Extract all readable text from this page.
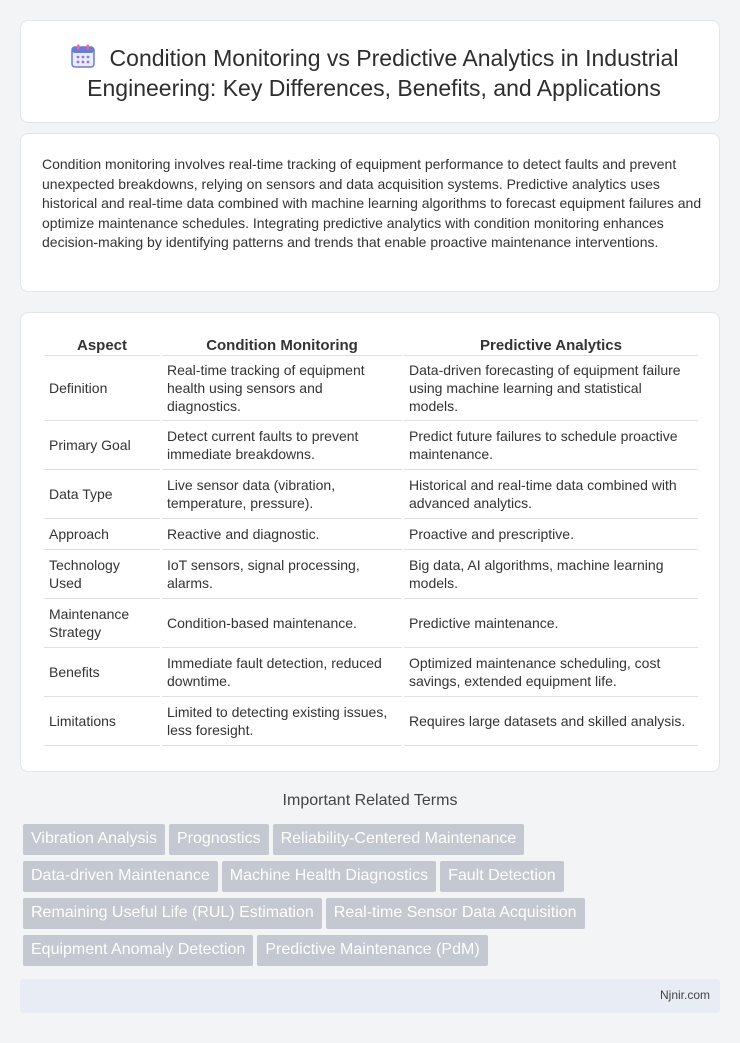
Condition Monitoring vs Predictive Analytics in Industrial Engineering: Key Differences, Benefits, and Applications

Condition monitoring involves real-time tracking of equipment performance to detect faults and prevent unexpected breakdowns, relying on sensors and data acquisition systems. Predictive analytics uses historical and real-time data combined with machine learning algorithms to forecast equipment failures and optimize maintenance schedules. Integrating predictive analytics with condition monitoring enhances decision-making by identifying patterns and trends that enable proactive maintenance interventions.

Aspect	Condition Monitoring	Predictive Analytics
Definition	Real-time tracking of equipment health using sensors and diagnostics.	Data-driven forecasting of equipment failure using machine learning and statistical models.
Primary Goal	Detect current faults to prevent immediate breakdowns.	Predict future failures to schedule proactive maintenance.
Data Type	Live sensor data (vibration, temperature, pressure).	Historical and real-time data combined with advanced analytics.
Approach	Reactive and diagnostic.	Proactive and prescriptive.
Technology Used	IoT sensors, signal processing, alarms.	Big data, AI algorithms, machine learning models.
Maintenance Strategy	Condition-based maintenance.	Predictive maintenance.
Benefits	Immediate fault detection, reduced downtime.	Optimized maintenance scheduling, cost savings, extended equipment life.
Limitations	Limited to detecting existing issues, less foresight.	Requires large datasets and skilled analysis.
Important Related Terms
Vibration Analysis Prognostics Reliability-Centered Maintenance
Data-driven Maintenance Machine Health Diagnostics Fault Detection
Remaining Useful Life (RUL) Estimation Real-time Sensor Data Acquisition
Equipment Anomaly Detection Predictive Maintenance (PdM)
Njnir.com
